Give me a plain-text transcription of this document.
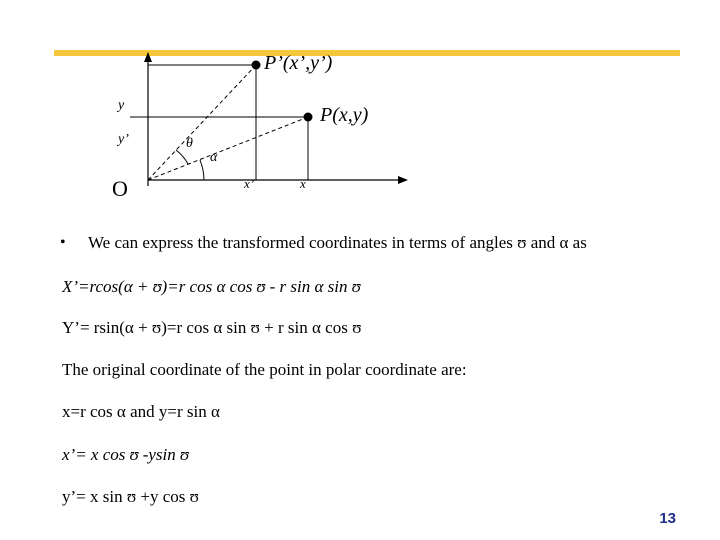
P’(x’,y’)
P(x,y)
y
y’	θ
α
O	x’	x
• We can express the transformed coordinates in terms of angles ʊ and α as
X’=rcos(α + ʊ)=r cos α cos ʊ - r sin α sin ʊ
Y’= rsin(α + ʊ)=r cos α sin ʊ + r sin α cos ʊ
The original coordinate of the point in polar coordinate are:
x=r cos α and y=r sin α
x’= x cos ʊ -ysin ʊ
y’= x sin ʊ +y cos ʊ
13
